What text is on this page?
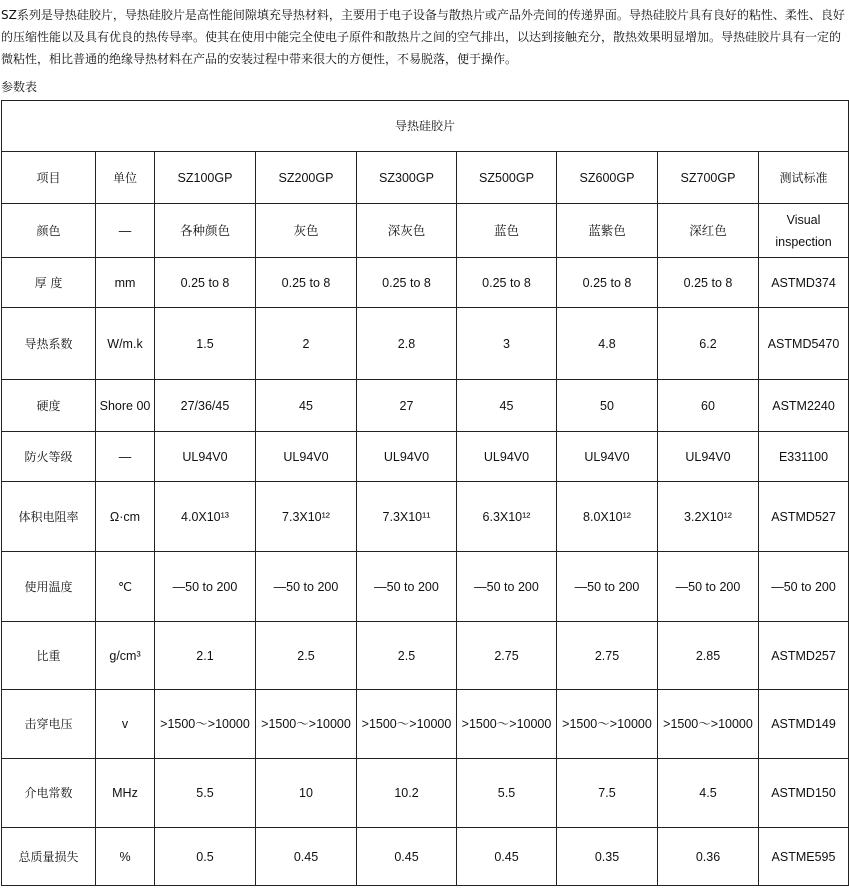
SZ系列是导热硅胶片，导热硅胶片是高性能间隙填充导热材料，主要用于电子设备与散热片或产品外壳间的传递界面。导热硅胶片具有良好的粘性、柔性、良好的压缩性能以及具有优良的热传导率。使其在使用中能完全使电子原件和散热片之间的空气排出，以达到接触充分，散热效果明显增加。导热硅胶片具有一定的微粘性，相比普通的绝缘导热材料在产品的安装过程中带来很大的方便性，不易脱落，便于操作。

参数表

导热硅胶片								
项目	单位	SZ100GP	SZ200GP	SZ300GP	SZ500GP	SZ600GP	SZ700GP	测试标准
颜色	—	各种颜色	灰色	深灰色	蓝色	蓝紫色	深红色	Visual inspection
厚 度	mm	0.25 to 8	0.25 to 8	0.25 to 8	0.25 to 8	0.25 to 8	0.25 to 8	ASTMD374
导热系数	W/m.k	1.5	2	2.8	3	4.8	6.2	ASTMD5470
硬度	Shore 00	27/36/45	45	27	45	50	60	ASTM2240
防火等级	—	UL94V0	UL94V0	UL94V0	UL94V0	UL94V0	UL94V0	E331100
体积电阻率	Ω·cm	4.0X10¹³	7.3X10¹²	7.3X10¹¹	6.3X10¹²	8.0X10¹²	3.2X10¹²	ASTMD527
使用温度	℃	—50 to 200	—50 to 200	—50 to 200	—50 to 200	—50 to 200	—50 to 200	—50 to 200
比重	g/cm³	2.1	2.5	2.5	2.75	2.75	2.85	ASTMD257
击穿电压	v	>1500～>10000	>1500～>10000	>1500～>10000	>1500～>10000	>1500～>10000	>1500～>10000	ASTMD149
介电常数	MHz	5.5	10	10.2	5.5	7.5	4.5	ASTMD150
总质量损失	%	0.5	0.45	0.45	0.45	0.35	0.36	ASTME595
